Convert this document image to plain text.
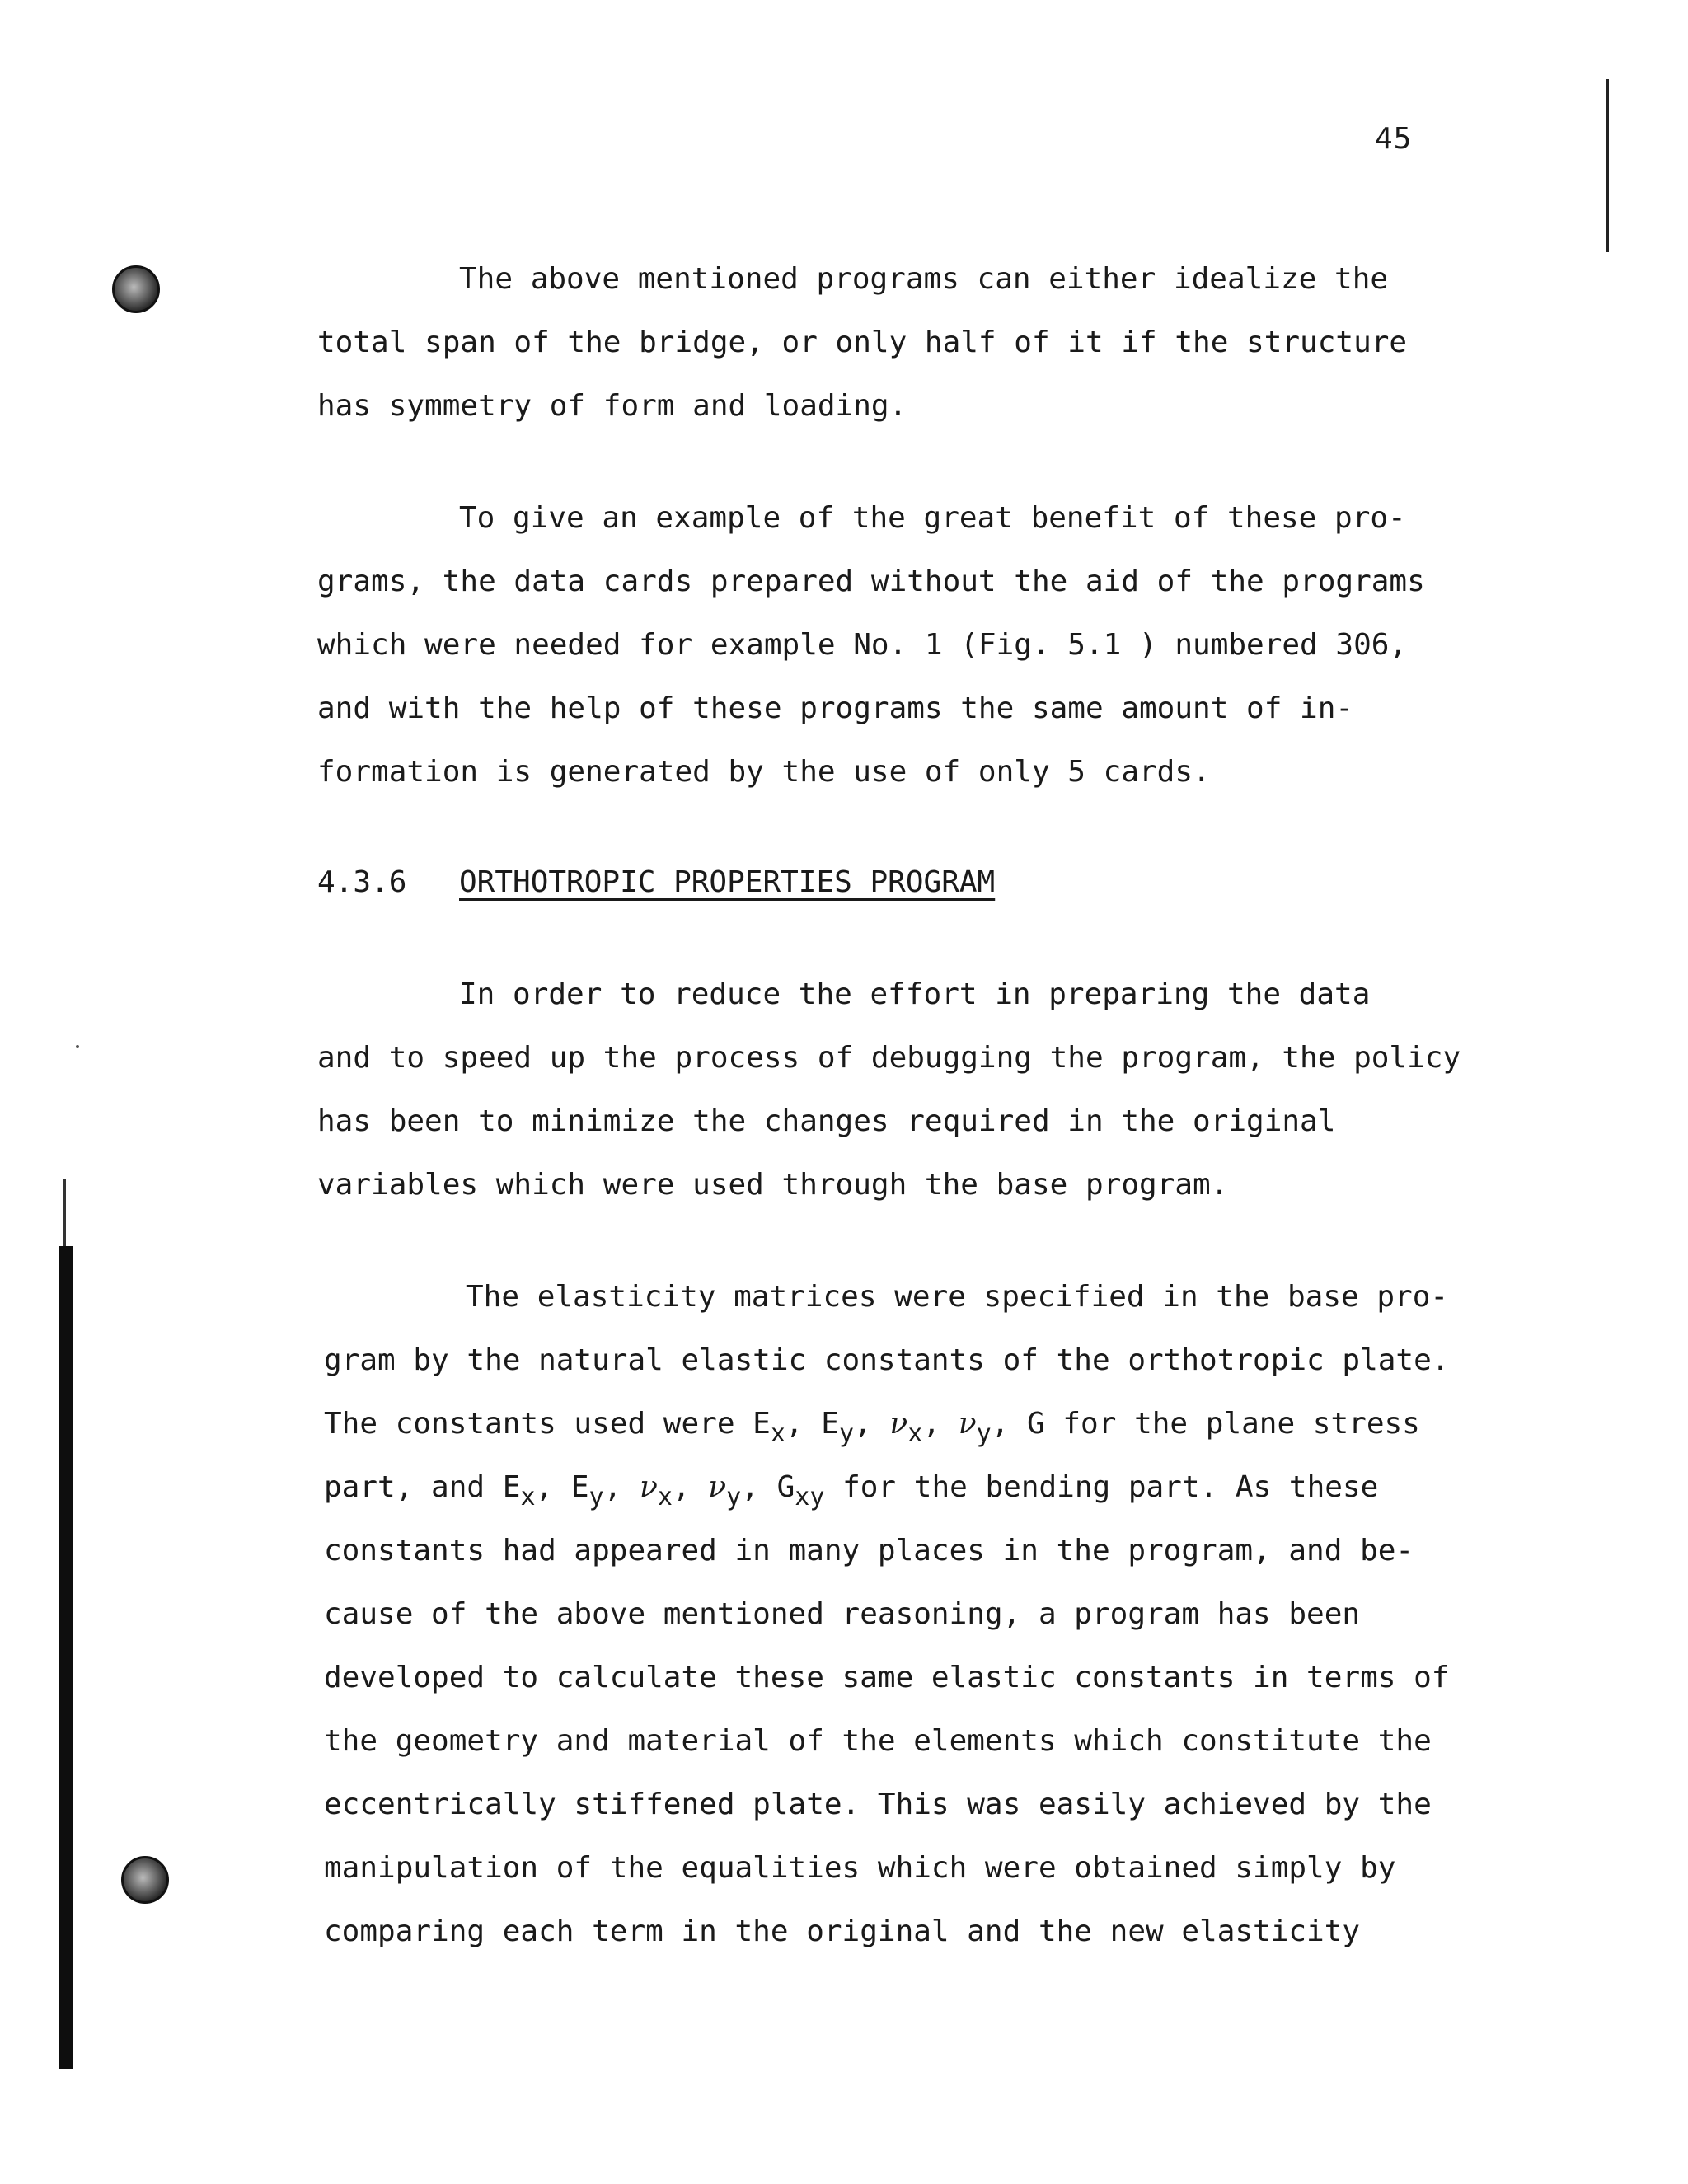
45
The above mentioned programs can either idealize the
total span of the bridge, or only half of it if the structure
has symmetry of form and loading.
To give an example of the great benefit of these pro-
grams, the data cards prepared without the aid of the programs
which were needed for example No. 1 (Fig. 5.1 ) numbered 306,
and with the help of these programs the same amount of in-
formation is generated by the use of only 5 cards.
4.3.6 ORTHOTROPIC PROPERTIES PROGRAM
In order to reduce the effort in preparing the data
and to speed up the process of debugging the program, the policy
has been to minimize the changes required in the original
variables which were used through the base program.
The elasticity matrices were specified in the base pro-
gram by the natural elastic constants of the orthotropic plate.
The constants used were $E_x$, $E_y$, $\nu_x$, $\nu_y$, G for the plane stress
part, and $E_x$, $E_y$, $\nu_x$, $\nu_y$, $G_{xy}$ for the bending part. As these
constants had appeared in many places in the program, and be-
cause of the above mentioned reasoning, a program has been
developed to calculate these same elastic constants in terms of
the geometry and material of the elements which constitute the
eccentrically stiffened plate. This was easily achieved by the
manipulation of the equalities which were obtained simply by
comparing each term in the original and the new elasticity
